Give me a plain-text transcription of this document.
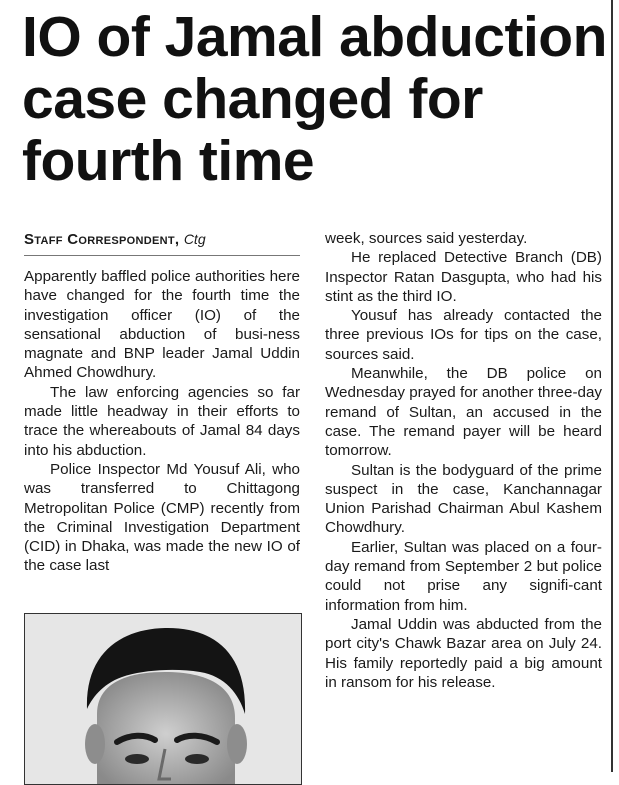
IO of Jamal abduction case changed for fourth time
Staff Correspondent, Ctg

Apparently baffled police authorities here have changed for the fourth time the investigation officer (IO) of the sensational abduction of busi-ness magnate and BNP leader Jamal Uddin Ahmed Chowdhury.

The law enforcing agencies so far made little headway in their efforts to trace the whereabouts of Jamal 84 days into his abduction.

Police Inspector Md Yousuf Ali, who was transferred to Chittagong Metropolitan Police (CMP) recently from the Criminal Investigation Department (CID) in Dhaka, was made the new IO of the case last

week, sources said yesterday.

He replaced Detective Branch (DB) Inspector Ratan Dasgupta, who had his stint as the third IO.

Yousuf has already contacted the three previous IOs for tips on the case, sources said.

Meanwhile, the DB police on Wednesday prayed for another three-day remand of Sultan, an accused in the case. The remand payer will be heard tomorrow.

Sultan is the bodyguard of the prime suspect in the case, Kanchannagar Union Parishad Chairman Abul Kashem Chowdhury.

Earlier, Sultan was placed on a four-day remand from September 2 but police could not prise any signifi-cant information from him.

Jamal Uddin was abducted from the port city's Chawk Bazar area on July 24. His family reportedly paid a big amount in ransom for his release.
